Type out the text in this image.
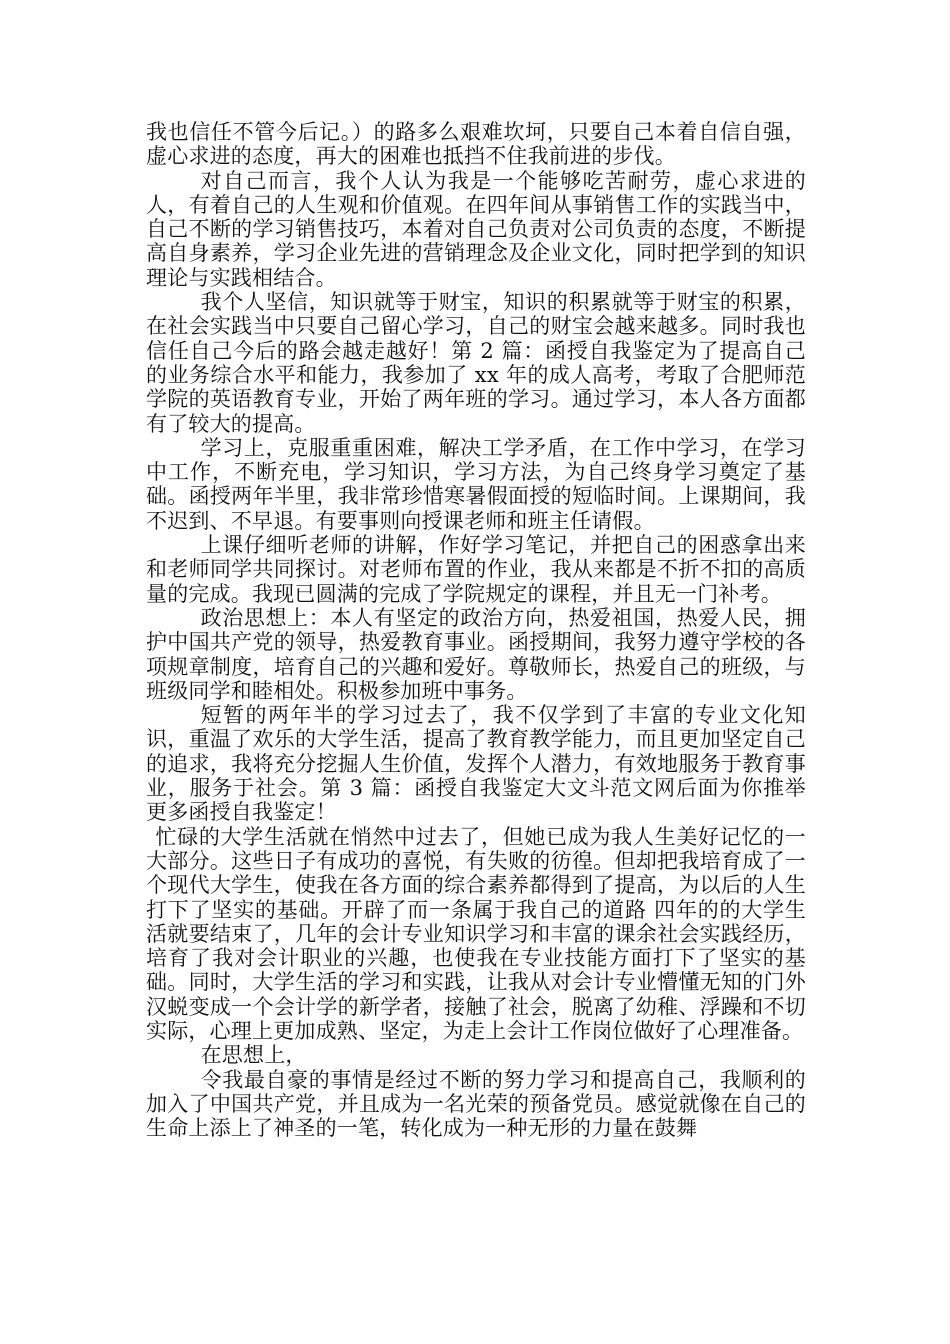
我也信任不管今后记。）的路多么艰难坎坷，只要自己本着自信自强，虚心求进的态度，再大的困难也抵挡不住我前进的步伐。

对自己而言，我个人认为我是一个能够吃苦耐劳，虚心求进的人，有着自己的人生观和价值观。在四年间从事销售工作的实践当中，自己不断的学习销售技巧，本着对自己负责对公司负责的态度，不断提高自身素养，学习企业先进的营销理念及企业文化，同时把学到的知识理论与实践相结合。

我个人坚信，知识就等于财宝，知识的积累就等于财宝的积累，在社会实践当中只要自己留心学习，自己的财宝会越来越多。同时我也信任自己今后的路会越走越好！第 2 篇：函授自我鉴定为了提高自己的业务综合水平和能力，我参加了 xx 年的成人高考，考取了合肥师范学院的英语教育专业，开始了两年班的学习。通过学习，本人各方面都有了较大的提高。

学习上，克服重重困难，解决工学矛盾，在工作中学习，在学习中工作，不断充电，学习知识，学习方法，为自己终身学习奠定了基础。函授两年半里，我非常珍惜寒暑假面授的短临时间。上课期间，我不迟到、不早退。有要事则向授课老师和班主任请假。

上课仔细听老师的讲解，作好学习笔记，并把自己的困惑拿出来和老师同学共同探讨。对老师布置的作业，我从来都是不折不扣的高质量的完成。我现已圆满的完成了学院规定的课程，并且无一门补考。

政治思想上：本人有坚定的政治方向，热爱祖国，热爱人民，拥护中国共产党的领导，热爱教育事业。函授期间，我努力遵守学校的各项规章制度，培育自己的兴趣和爱好。尊敬师长，热爱自己的班级，与班级同学和睦相处。积极参加班中事务。

短暂的两年半的学习过去了，我不仅学到了丰富的专业文化知识，重温了欢乐的大学生活，提高了教育教学能力，而且更加坚定自己的追求，我将充分挖掘人生价值，发挥个人潜力，有效地服务于教育事业，服务于社会。第 3 篇：函授自我鉴定大文斗范文网后面为你推举更多函授自我鉴定！

忙碌的大学生活就在悄然中过去了，但她已成为我人生美好记忆的一大部分。这些日子有成功的喜悦，有失败的彷徨。但却把我培育成了一个现代大学生，使我在各方面的综合素养都得到了提高，为以后的人生打下了坚实的基础。开辟了而一条属于我自己的道路 四年的的大学生活就要结束了，几年的会计专业知识学习和丰富的课余社会实践经历，培育了我对会计职业的兴趣，也使我在专业技能方面打下了坚实的基础。同时，大学生活的学习和实践，让我从对会计专业懵懂无知的门外汉蜕变成一个会计学的新学者，接触了社会，脱离了幼稚、浮躁和不切实际，心理上更加成熟、坚定，为走上会计工作岗位做好了心理准备。

在思想上，

令我最自豪的事情是经过不断的努力学习和提高自己，我顺利的加入了中国共产党，并且成为一名光荣的预备党员。感觉就像在自己的生命上添上了神圣的一笔，转化成为一种无形的力量在鼓舞
